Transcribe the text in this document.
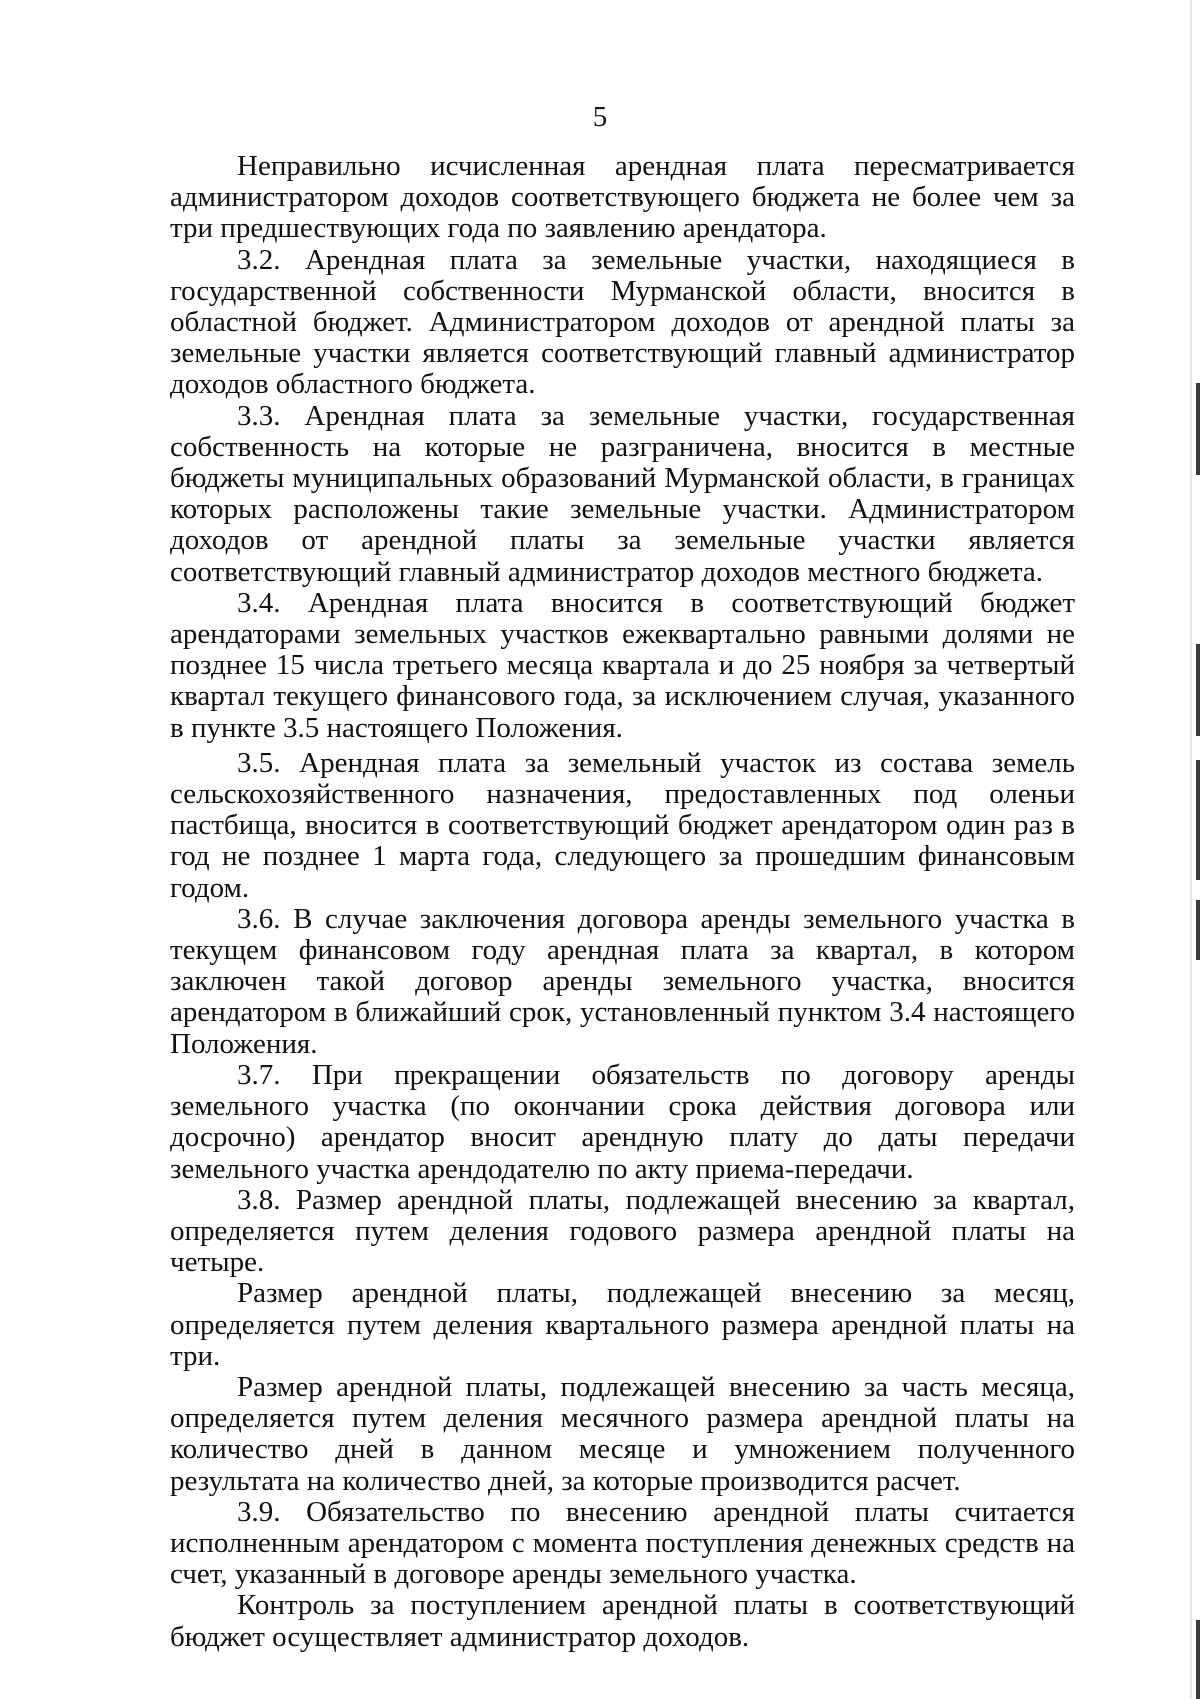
5

Неправильно исчисленная арендная плата пересматривается администратором доходов соответствующего бюджета не более чем за три предшествующих года по заявлению арендатора.

3.2. Арендная плата за земельные участки, находящиеся в государственной собственности Мурманской области, вносится в областной бюджет. Администратором доходов от арендной платы за земельные участки является соответствующий главный администратор доходов областного бюджета.

3.3. Арендная плата за земельные участки, государственная собственность на которые не разграничена, вносится в местные бюджеты муниципальных образований Мурманской области, в границах которых расположены такие земельные участки. Администратором доходов от арендной платы за земельные участки является соответствующий главный администратор доходов местного бюджета.

3.4. Арендная плата вносится в соответствующий бюджет арендаторами земельных участков ежеквартально равными долями не позднее 15 числа третьего месяца квартала и до 25 ноября за четвертый квартал текущего финансового года, за исключением случая, указанного в пункте 3.5 настоящего Положения.

3.5. Арендная плата за земельный участок из состава земель сельскохозяйственного назначения, предоставленных под оленьи пастбища, вносится в соответствующий бюджет арендатором один раз в год не позднее 1 марта года, следующего за прошедшим финансовым годом.

3.6. В случае заключения договора аренды земельного участка в текущем финансовом году арендная плата за квартал, в котором заключен такой договор аренды земельного участка, вносится арендатором в ближайший срок, установленный пунктом 3.4 настоящего Положения.

3.7. При прекращении обязательств по договору аренды земельного участка (по окончании срока действия договора или досрочно) арендатор вносит арендную плату до даты передачи земельного участка арендодателю по акту приема-передачи.

3.8. Размер арендной платы, подлежащей внесению за квартал, определяется путем деления годового размера арендной платы на четыре.

Размер арендной платы, подлежащей внесению за месяц, определяется путем деления квартального размера арендной платы на три.

Размер арендной платы, подлежащей внесению за часть месяца, определяется путем деления месячного размера арендной платы на количество дней в данном месяце и умножением полученного результата на количество дней, за которые производится расчет.

3.9. Обязательство по внесению арендной платы считается исполненным арендатором с момента поступления денежных средств на счет, указанный в договоре аренды земельного участка.

Контроль за поступлением арендной платы в соответствующий бюджет осуществляет администратор доходов.
